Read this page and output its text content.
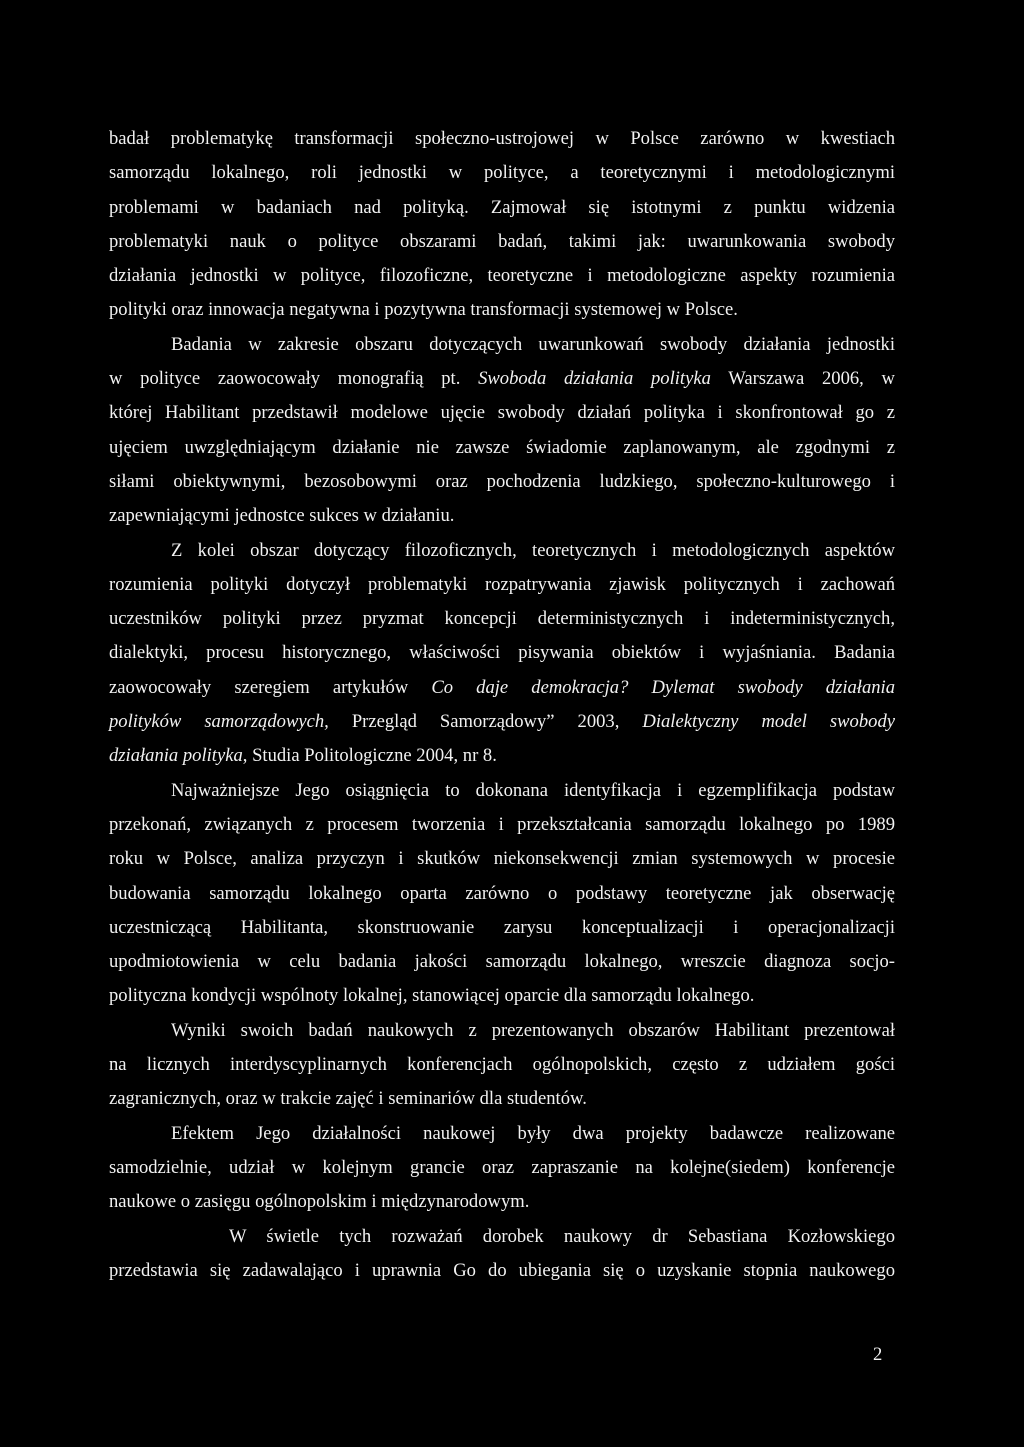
badał problematykę transformacji społeczno-ustrojowej w Polsce zarówno w kwestiach
samorządu lokalnego, roli jednostki w polityce, a teoretycznymi i metodologicznymi
problemami w badaniach nad polityką. Zajmował się istotnymi z punktu widzenia
problematyki nauk o polityce obszarami badań, takimi jak: uwarunkowania swobody
działania jednostki w polityce, filozoficzne, teoretyczne i metodologiczne aspekty rozumienia
polityki oraz innowacja negatywna i pozytywna transformacji systemowej w Polsce.
Badania w zakresie obszaru dotyczących uwarunkowań swobody działania jednostki
w polityce zaowocowały monografią pt. Swoboda działania polityka Warszawa 2006, w
której Habilitant przedstawił modelowe ujęcie swobody działań polityka i skonfrontował go z
ujęciem uwzględniającym działanie nie zawsze świadomie zaplanowanym, ale zgodnymi z
siłami obiektywnymi, bezosobowymi oraz pochodzenia ludzkiego, społeczno-kulturowego i
zapewniającymi jednostce sukces w działaniu.
Z kolei obszar dotyczący filozoficznych, teoretycznych i metodologicznych aspektów
rozumienia polityki dotyczył problematyki rozpatrywania zjawisk politycznych i zachowań
uczestników polityki przez pryzmat koncepcji deterministycznych i indeterministycznych,
dialektyki, procesu historycznego, właściwości pisywania obiektów i wyjaśniania. Badania
zaowocowały szeregiem artykułów Co daje demokracja? Dylemat swobody działania
polityków samorządowych, Przegląd Samorządowy” 2003, Dialektyczny model swobody
działania polityka, Studia Politologiczne 2004, nr 8.
Najważniejsze Jego osiągnięcia to dokonana identyfikacja i egzemplifikacja podstaw
przekonań, związanych z procesem tworzenia i przekształcania samorządu lokalnego po 1989
roku w Polsce, analiza przyczyn i skutków niekonsekwencji zmian systemowych w procesie
budowania samorządu lokalnego oparta zarówno o podstawy teoretyczne jak obserwację
uczestniczącą Habilitanta, skonstruowanie zarysu konceptualizacji i operacjonalizacji
upodmiotowienia w celu badania jakości samorządu lokalnego, wreszcie diagnoza socjo-
polityczna kondycji wspólnoty lokalnej, stanowiącej oparcie dla samorządu lokalnego.
Wyniki swoich badań naukowych z prezentowanych obszarów Habilitant prezentował
na licznych interdyscyplinarnych konferencjach ogólnopolskich, często z udziałem gości
zagranicznych, oraz w trakcie zajęć i seminariów dla studentów.
Efektem Jego działalności naukowej były dwa projekty badawcze realizowane
samodzielnie, udział w kolejnym grancie oraz zapraszanie na kolejne(siedem) konferencje
naukowe o zasięgu ogólnopolskim i międzynarodowym.
W świetle tych rozważań dorobek naukowy dr Sebastiana Kozłowskiego
przedstawia się zadawalająco i uprawnia Go do ubiegania się o uzyskanie stopnia naukowego
2
